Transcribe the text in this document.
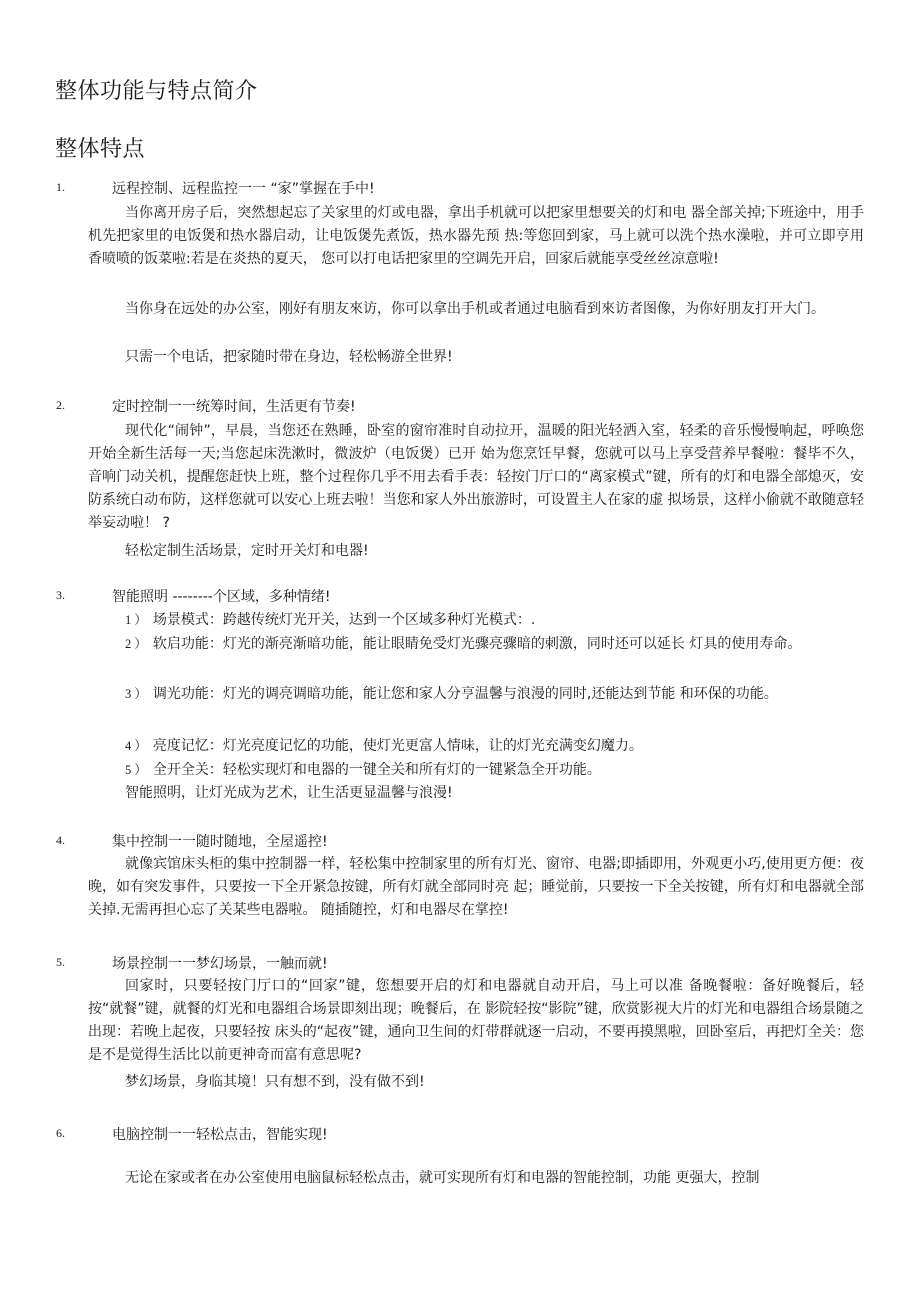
整体功能与特点简介
整体特点
1.	远程控制、远程监控一一 “家”掌握在手中!

当你离开房子后，突然想起忘了关家里的灯或电器，拿出手机就可以把家里想要关的灯和电 器全部关掉;下班途中，用手机先把家里的电饭煲和热水器启动，让电饭煲先煮饭，热水器先预 热:等您回到家，马上就可以洗个热水澡啦，并可立即亨用香喷喷的饭菜啦:若是在炎热的夏天， 您可以打电话把家里的空调先开启，回家后就能享受丝丝凉意啦!

当你身在远处的办公室，刚好有朋友來访，你可以拿出手机或者通过电脑看到來访者图像，为你好朋友打开大门。

只需一个电话，把家随时带在身边，轻松畅游全世界!

2.	定时控制一一统筹时间，生活更有节奏!

现代化“闹钟”，早晨，当您还在熟睡，卧室的窗帘准时自动拉开，温暖的阳光轻洒入室，轻柔的音乐慢慢响起，呼唤您开始全新生活每一天;当您起床洗漱时，微波炉（电饭煲）已开 始为您烹饪早餐，您就可以马上享受营养早餐啦：餐毕不久，音响门动关机，提醒您赶快上班，整个过程你几乎不用去看手表：轻按门厅口的“离家模式”键，所有的灯和电器全部熄灭，安 防系统白动布防，这样您就可以安心上班去啦！当您和家人外出旅游时，可设置主人在家的虚 拟场景，这样小偷就不敢随意轻举妄动啦！ ?

轻松定制生活场景，定时开关灯和电器!

3.	智能照明 --------个区域，多种情绪!

1 ） 场景模式：跨越传统灯光开关，达到一个区域多种灯光模式：.

2 ） 软启功能：灯光的渐亮渐暗功能，能让眼睛免受灯光骤亮骤暗的刺激，同时还可以延长 灯具的使用寿命。

3 ） 调光功能：灯光的调亮调暗功能，能让您和家人分亨温馨与浪漫的同时,还能达到节能 和环保的功能。

4 ） 亮度记忆：灯光亮度记忆的功能，使灯光更富人情味，让的灯光充满变幻魔力。

5 ） 全开全关：轻松实现灯和电器的一键全关和所有灯的一键紧急全开功能。

智能照明，让灯光成为艺术，让生活更显温馨与浪漫!

4.	集中控制一一随时随地，全屋遥控!

就像宾馆床头柜的集中控制器一样，轻松集中控制家里的所有灯光、窗帘、电器;即插即用，外观更小巧,使用更方便：夜晚，如有突发事件，只要按一下全开紧急按键，所有灯就全部同时亮 起；睡觉前，只要按一下全关按键，所有灯和电器就全部关掉.无需再担心忘了关某些电器啦。 随插随控，灯和电器尽在掌控!

5.	场景控制一一梦幻场景，一触而就!

回家时，只要轻按门厅口的“回家”键，您想要开启的灯和电器就自动开启，马上可以准 备晚餐啦：备好晚餐后，轻按“就餐”键，就餐的灯光和电器组合场景即刻出现；晚餐后，在 影院轻按“影院”键，欣赏影视大片的灯光和电器组合场景随之出现：若晚上起夜，只要轻按 床头的“起夜”键，通向卫生间的灯带群就逐一启动，不要再摸黑啦，回卧室后，再把灯全关：您是不是觉得生活比以前更神奇而富有意思呢?

梦幻场景，身临其境！只有想不到，没有做不到!

6.	电脑控制一一轻松点击，智能实现!

无论在家或者在办公室使用电脑鼠标轻松点击，就可实现所有灯和电器的智能控制，功能 更强大，控制
